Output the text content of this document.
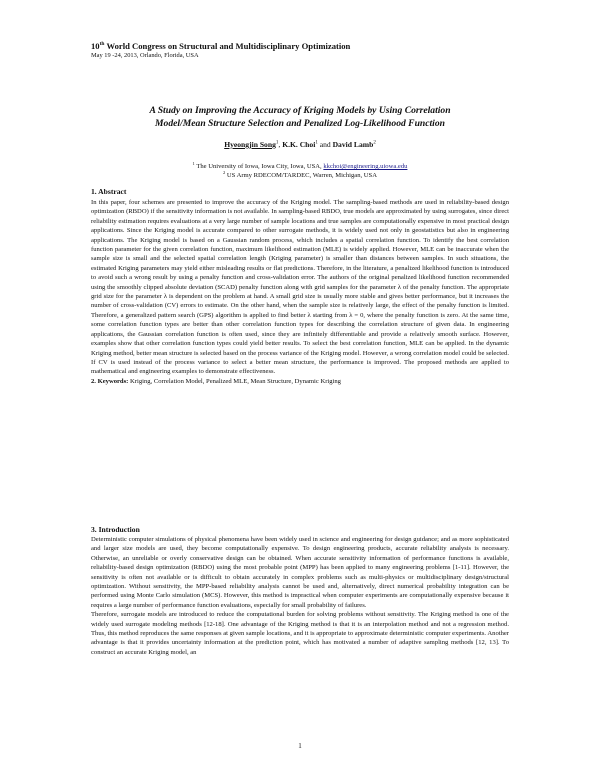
10th World Congress on Structural and Multidisciplinary Optimization
May 19 -24, 2013, Orlando, Florida, USA
A Study on Improving the Accuracy of Kriging Models by Using Correlation
Model/Mean Structure Selection and Penalized Log-Likelihood Function
Hyeongjin Song$^1$, K.K. Choi$^1$ and David Lamb$^2$
$^1$ The University of Iowa, Iowa City, Iowa, USA, kkchoi@engineering.uiowa.edu
$^2$ US Army RDECOM/TARDEC, Warren, Michigan, USA
1. Abstract

In this paper, four schemes are presented to improve the accuracy of the Kriging model. The sampling-based methods are used in reliability-based design optimization (RBDO) if the sensitivity information is not available. In sampling-based RBDO, true models are approximated by using surrogates, since direct reliability estimation requires evaluations at a very large number of sample locations and true samples are computationally expensive in most practical design applications. Since the Kriging model is accurate compared to other surrogate methods, it is widely used not only in geostatistics but also in engineering applications. The Kriging model is based on a Gaussian random process, which includes a spatial correlation function. To identify the best correlation function parameter for the given correlation function, maximum likelihood estimation (MLE) is widely applied. However, MLE can be inaccurate when the sample size is small and the selected spatial correlation length (Kriging parameter) is smaller than distances between samples. In such situations, the estimated Kriging parameters may yield either misleading results or flat predictions. Therefore, in the literature, a penalized likelihood function is introduced to avoid such a wrong result by using a penalty function and cross-validation error. The authors of the original penalized likelihood function recommended using the smoothly clipped absolute deviation (SCAD) penalty function along with grid samples for the parameter λ of the penalty function. The appropriate grid size for the parameter λ is dependent on the problem at hand. A small grid size is usually more stable and gives better performance, but it increases the number of cross-validation (CV) errors to estimate. On the other hand, when the sample size is relatively large, the effect of the penalty function is limited. Therefore, a generalized pattern search (GPS) algorithm is applied to find better λ starting from λ = 0, where the penalty function is zero. At the same time, some correlation function types are better than other correlation function types for describing the correlation structure of given data. In engineering applications, the Gaussian correlation function is often used, since they are infinitely differentiable and provide a relatively smooth surface. However, examples show that other correlation function types could yield better results. To select the best correlation function, MLE can be applied. In the dynamic Kriging method, better mean structure is selected based on the process variance of the Kriging model. However, a wrong correlation model could be selected. If CV is used instead of the process variance to select a better mean structure, the performance is improved. The proposed methods are applied to mathematical and engineering examples to demonstrate effectiveness.

2. Keywords: Kriging, Correlation Model, Penalized MLE, Mean Structure, Dynamic Kriging

3. Introduction

Deterministic computer simulations of physical phenomena have been widely used in science and engineering for design guidance; and as more sophisticated and larger size models are used, they become computationally expensive. To design engineering products, accurate reliability analysis is necessary. Otherwise, an unreliable or overly conservative design can be obtained. When accurate sensitivity information of performance functions is available, reliability-based design optimization (RBDO) using the most probable point (MPP) has been applied to many engineering problems [1-11]. However, the sensitivity is often not available or is difficult to obtain accurately in complex problems such as multi-physics or multidisciplinary design/structural optimization. Without sensitivity, the MPP-based reliability analysis cannot be used and, alternatively, direct numerical probability integration can be performed using Monte Carlo simulation (MCS). However, this method is impractical when computer experiments are computationally expensive because it requires a large number of performance function evaluations, especially for small probability of failures.

Therefore, surrogate models are introduced to reduce the computational burden for solving problems without sensitivity. The Kriging method is one of the widely used surrogate modeling methods [12-18]. One advantage of the Kriging method is that it is an interpolation method and not a regression method. Thus, this method reproduces the same responses at given sample locations, and it is appropriate to approximate deterministic computer experiments. Another advantage is that it provides uncertainty information at the prediction point, which has motivated a number of adaptive sampling methods [12, 13]. To construct an accurate Kriging model, an

1
